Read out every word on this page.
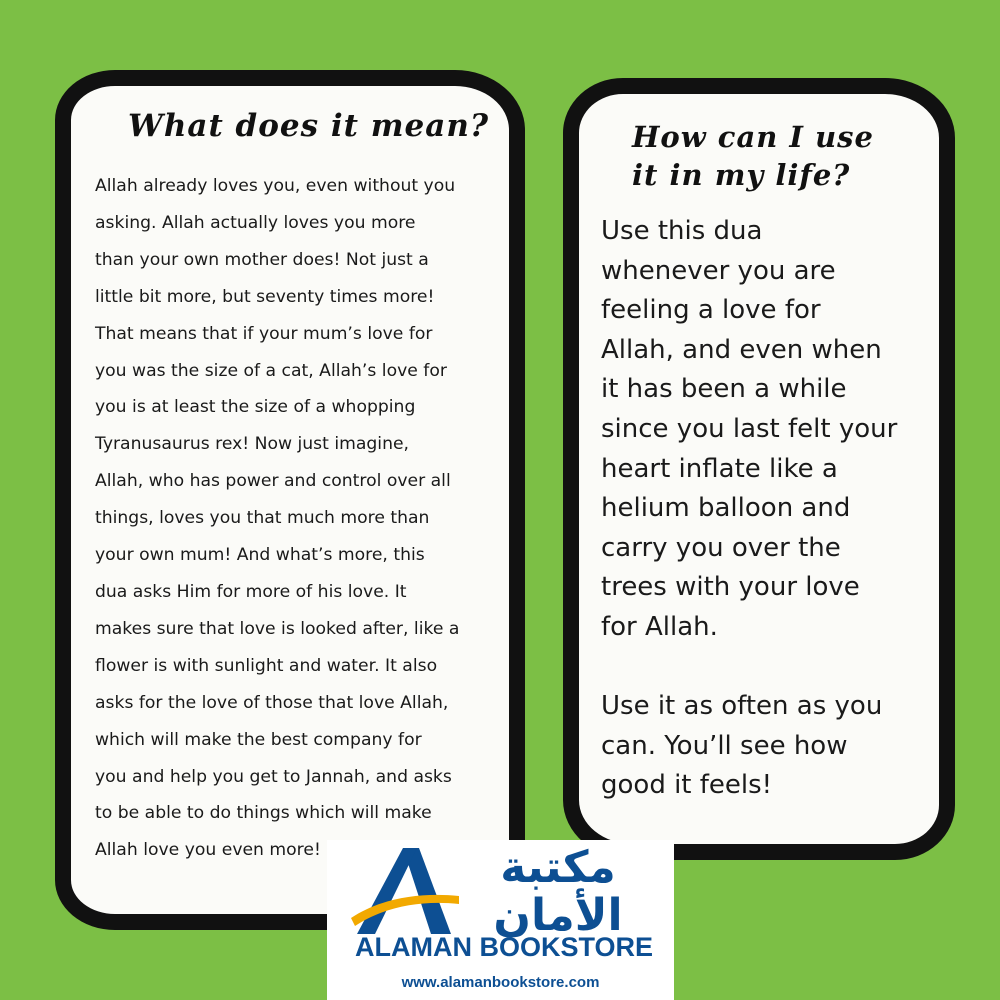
What does it mean?
Allah already loves you, even without you
asking. Allah actually loves you more
than your own mother does! Not just a
little bit more, but seventy times more!
That means that if your mum’s love for
you was the size of a cat, Allah’s love for
you is at least the size of a whopping
Tyranusaurus rex! Now just imagine,
Allah, who has power and control over all
things, loves you that much more than
your own mum! And what’s more, this
dua asks Him for more of his love. It
makes sure that love is looked after, like a
flower is with sunlight and water. It also
asks for the love of those that love Allah,
which will make the best company for
you and help you get to Jannah, and asks
to be able to do things which will make
Allah love you even more!
How can I use
it in my life?
Use this dua
whenever you are
feeling a love for
Allah, and even when
it has been a while
since you last felt your
heart inflate like a
helium balloon and
carry you over the
trees with your love
for Allah.
Use it as often as you
can. You’ll see how
good it feels!
مكتبة
الأمان
ALAMAN BOOKSTORE
www.alamanbookstore.com
